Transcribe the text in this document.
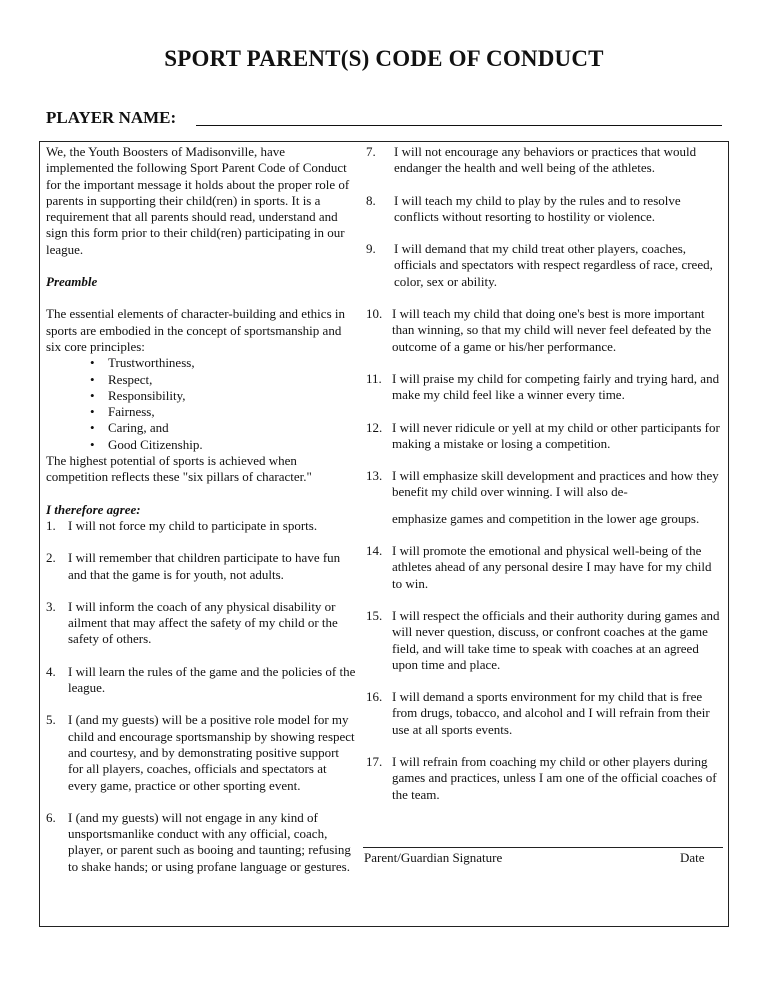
SPORT PARENT(S) CODE OF CONDUCT
PLAYER NAME:

We, the Youth Boosters of Madisonville, have implemented the following Sport Parent Code of Conduct for the important message it holds about the proper role of parents in supporting their child(ren) in sports. It is a requirement that all parents should read, understand and sign this form prior to their child(ren) participating in our league.

Preamble

The essential elements of character-building and ethics in sports are embodied in the concept of sportsmanship and six core principles:

• Trustworthiness,
• Respect,
• Responsibility,
• Fairness,
• Caring, and
• Good Citizenship.

The highest potential of sports is achieved when competition reflects these "six pillars of character."

I therefore agree:

1. I will not force my child to participate in sports.
2. I will remember that children participate to have fun and that the game is for youth, not adults.
3. I will inform the coach of any physical disability or ailment that may affect the safety of my child or the safety of others.
4. I will learn the rules of the game and the policies of the league.
5. I (and my guests) will be a positive role model for my child and encourage sportsmanship by showing respect and courtesy, and by demonstrating positive support for all players, coaches, officials and spectators at every game, practice or other sporting event.
6. I (and my guests) will not engage in any kind of unsportsmanlike conduct with any official, coach, player, or parent such as booing and taunting; refusing to shake hands; or using profane language or gestures.
7.	I will not encourage any behaviors or practices that would endanger the health and well being of the athletes.
8.	I will teach my child to play by the rules and to resolve conflicts without resorting to hostility or violence.
9.	I will demand that my child treat other players, coaches, officials and spectators with respect regardless of race, creed, color, sex or ability.
10. I will teach my child that doing one's best is more important than winning, so that my child will never feel defeated by the outcome of a game or his/her performance.
11. I will praise my child for competing fairly and trying hard, and make my child feel like a winner every time.
12. I will never ridicule or yell at my child or other participants for making a mistake or losing a competition.
13. I will emphasize skill development and practices and how they benefit my child over winning. I will also de-
emphasize games and competition in the lower age groups.
14. I will promote the emotional and physical well-being of the athletes ahead of any personal desire I may have for my child to win.
15. I will respect the officials and their authority during games and will never question, discuss, or confront coaches at the game field, and will take time to speak with coaches at an agreed upon time and place.
16. I will demand a sports environment for my child that is free from drugs, tobacco, and alcohol and I will refrain from their use at all sports events.
17. I will refrain from coaching my child or other players during games and practices, unless I am one of the official coaches of the team.
Parent/Guardian Signature	Date
